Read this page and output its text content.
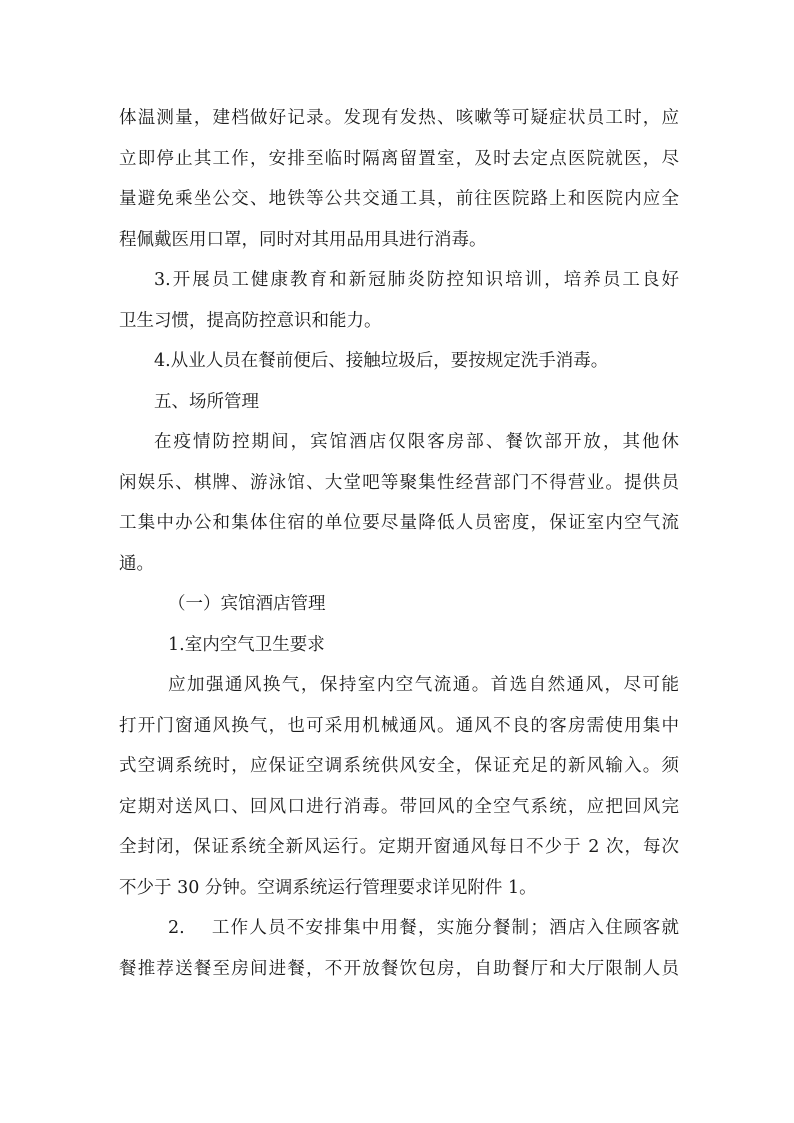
体温测量，建档做好记录。发现有发热、咳嗽等可疑症状员工时，应
立即停止其工作，安排至临时隔离留置室，及时去定点医院就医，尽
量避免乘坐公交、地铁等公共交通工具，前往医院路上和医院内应全
程佩戴医用口罩，同时对其用品用具进行消毒。

3.开展员工健康教育和新冠肺炎防控知识培训，培养员工良好
卫生习惯，提高防控意识和能力。

4.从业人员在餐前便后、接触垃圾后，要按规定洗手消毒。

五、场所管理

在疫情防控期间，宾馆酒店仅限客房部、餐饮部开放，其他休
闲娱乐、棋牌、游泳馆、大堂吧等聚集性经营部门不得营业。提供员
工集中办公和集体住宿的单位要尽量降低人员密度，保证室内空气流
通。

（一）宾馆酒店管理

1.室内空气卫生要求

应加强通风换气，保持室内空气流通。首选自然通风，尽可能
打开门窗通风换气，也可采用机械通风。通风不良的客房需使用集中
式空调系统时，应保证空调系统供风安全，保证充足的新风输入。须
定期对送风口、回风口进行消毒。带回风的全空气系统，应把回风完
全封闭，保证系统全新风运行。定期开窗通风每日不少于 2 次，每次
不少于 30 分钟。空调系统运行管理要求详见附件 1。

2.    工作人员不安排集中用餐，实施分餐制；酒店入住顾客就
餐推荐送餐至房间进餐，不开放餐饮包房，自助餐厅和大厅限制人员
